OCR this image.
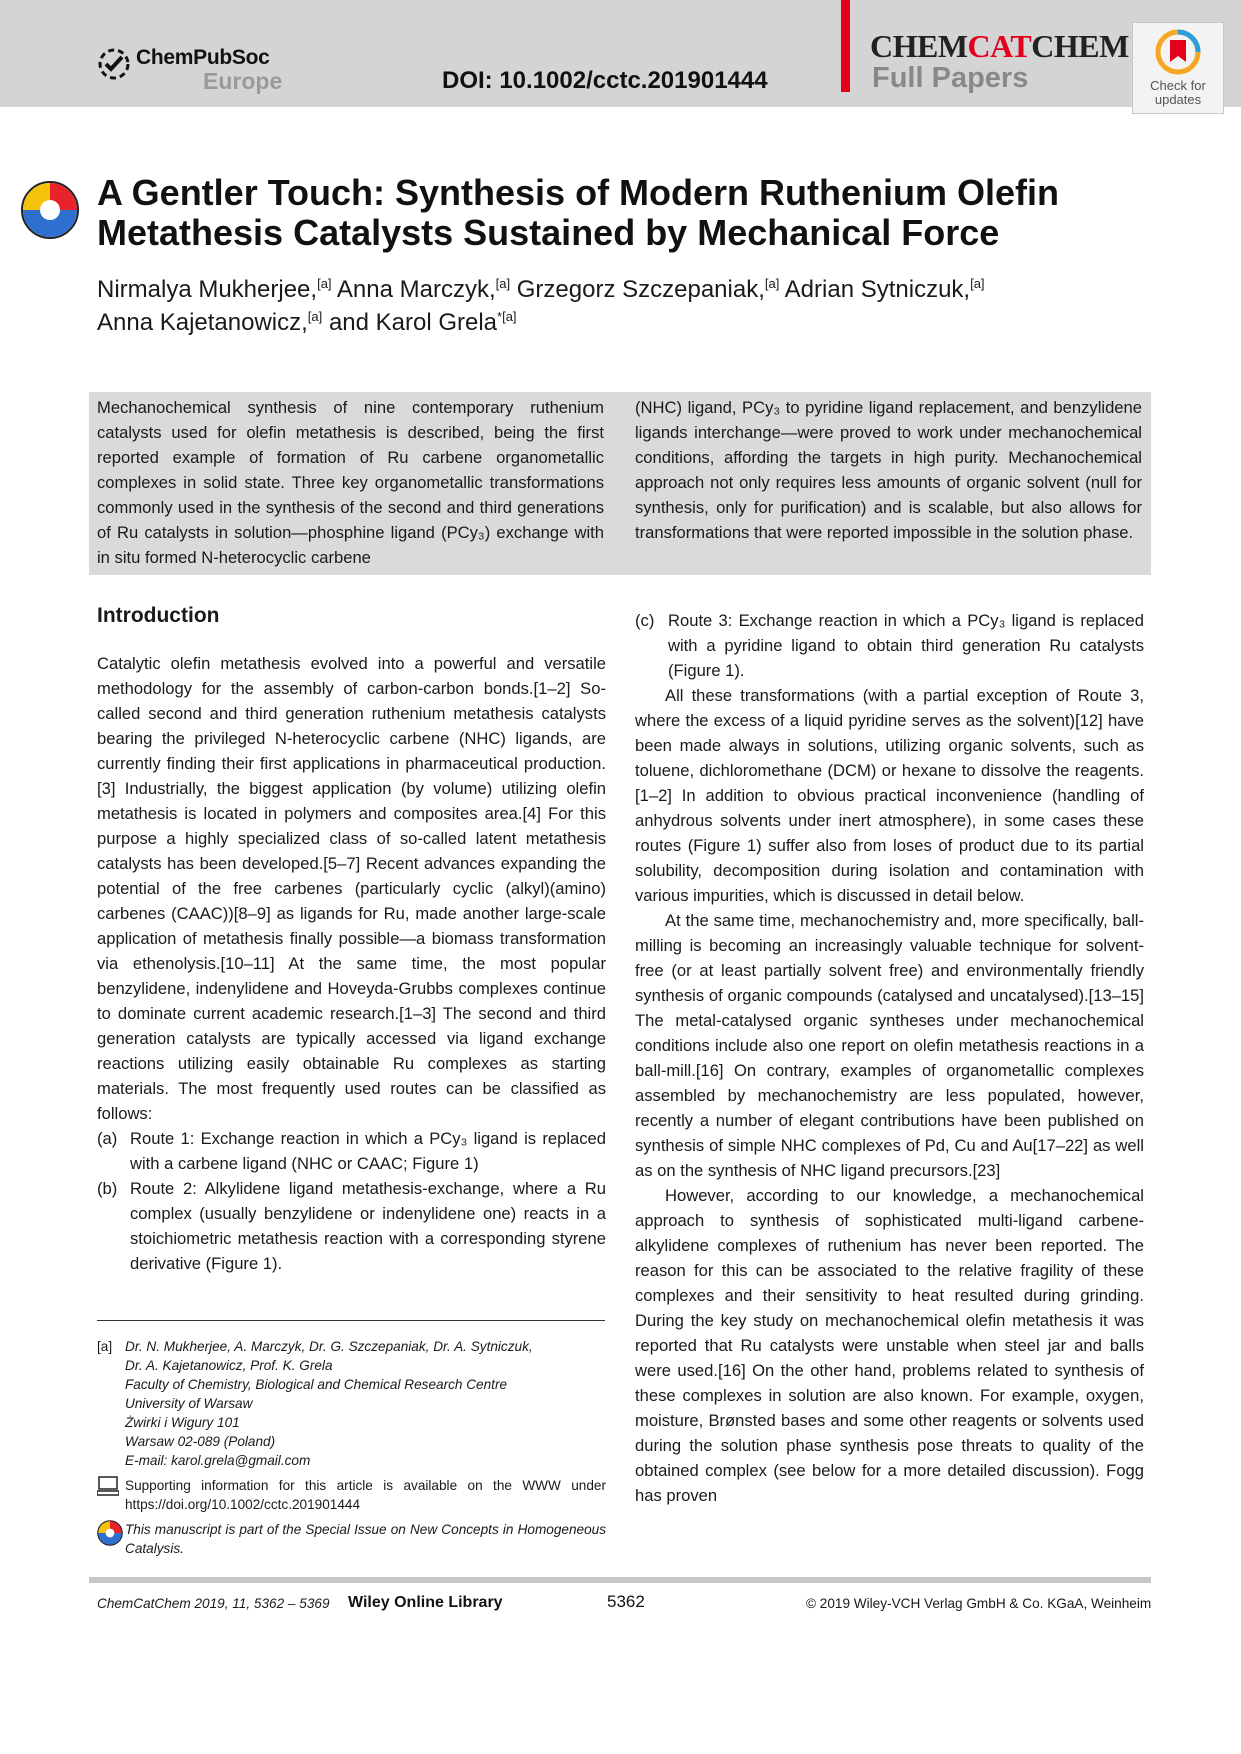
ChemPubSoc
Europe	DOI: 10.1002/cctc.201901444
CHEMCATCHEM
Full Papers	Check for updates
A Gentler Touch: Synthesis of Modern Ruthenium Olefin Metathesis Catalysts Sustained by Mechanical Force
Nirmalya Mukherjee,[a] Anna Marczyk,[a] Grzegorz Szczepaniak,[a] Adrian Sytniczuk,[a]
Anna Kajetanowicz,[a] and Karol Grela$^{*[a]}$
Mechanochemical synthesis of nine contemporary ruthenium catalysts used for olefin metathesis is described, being the first reported example of formation of Ru carbene organometallic complexes in solid state. Three key organometallic transformations commonly used in the synthesis of the second and third generations of Ru catalysts in solution—phosphine ligand (PCy₃) exchange with in situ formed N-heterocyclic carbene
(NHC) ligand, PCy₃ to pyridine ligand replacement, and benzylidene ligands interchange—were proved to work under mechanochemical conditions, affording the targets in high purity. Mechanochemical approach not only requires less amounts of organic solvent (null for synthesis, only for purification) and is scalable, but also allows for transformations that were reported impossible in the solution phase.
Introduction

Catalytic olefin metathesis evolved into a powerful and versatile methodology for the assembly of carbon-carbon bonds.[1–2] So-called second and third generation ruthenium metathesis catalysts bearing the privileged N-heterocyclic carbene (NHC) ligands, are currently finding their first applications in pharmaceutical production.[3] Industrially, the biggest application (by volume) utilizing olefin metathesis is located in polymers and composites area.[4] For this purpose a highly specialized class of so-called latent metathesis catalysts has been developed.[5–7] Recent advances expanding the potential of the free carbenes (particularly cyclic (alkyl)(amino) carbenes (CAAC))[8–9] as ligands for Ru, made another large-scale application of metathesis finally possible—a biomass transformation via ethenolysis.[10–11] At the same time, the most popular benzylidene, indenylidene and Hoveyda-Grubbs complexes continue to dominate current academic research.[1–3] The second and third generation catalysts are typically accessed via ligand exchange reactions utilizing easily obtainable Ru complexes as starting materials. The most frequently used routes can be classified as follows:

(a) Route 1: Exchange reaction in which a PCy₃ ligand is replaced with a carbene ligand (NHC or CAAC; Figure 1)
(b) Route 2: Alkylidene ligand metathesis-exchange, where a Ru complex (usually benzylidene or indenylidene one) reacts in a stoichiometric metathesis reaction with a corresponding styrene derivative (Figure 1).
[a] Dr. N. Mukherjee, A. Marczyk, Dr. G. Szczepaniak, Dr. A. Sytniczuk,
Dr. A. Kajetanowicz, Prof. K. Grela
Faculty of Chemistry, Biological and Chemical Research Centre
University of Warsaw
Żwirki i Wigury 101
Warsaw 02-089 (Poland)
E-mail: karol.grela@gmail.com
Supporting information for this article is available on the WWW under https://doi.org/10.1002/cctc.201901444
This manuscript is part of the Special Issue on New Concepts in Homogeneous Catalysis.
(c) Route 3: Exchange reaction in which a PCy₃ ligand is replaced with a pyridine ligand to obtain third generation Ru catalysts (Figure 1).

All these transformations (with a partial exception of Route 3, where the excess of a liquid pyridine serves as the solvent)[12] have been made always in solutions, utilizing organic solvents, such as toluene, dichloromethane (DCM) or hexane to dissolve the reagents.[1–2] In addition to obvious practical inconvenience (handling of anhydrous solvents under inert atmosphere), in some cases these routes (Figure 1) suffer also from loses of product due to its partial solubility, decomposition during isolation and contamination with various impurities, which is discussed in detail below.

At the same time, mechanochemistry and, more specifically, ball-milling is becoming an increasingly valuable technique for solvent-free (or at least partially solvent free) and environmentally friendly synthesis of organic compounds (catalysed and uncatalysed).[13–15] The metal-catalysed organic syntheses under mechanochemical conditions include also one report on olefin metathesis reactions in a ball-mill.[16] On contrary, examples of organometallic complexes assembled by mechanochemistry are less populated, however, recently a number of elegant contributions have been published on synthesis of simple NHC complexes of Pd, Cu and Au[17–22] as well as on the synthesis of NHC ligand precursors.[23]

However, according to our knowledge, a mechanochemical approach to synthesis of sophisticated multi-ligand carbene-alkylidene complexes of ruthenium has never been reported. The reason for this can be associated to the relative fragility of these complexes and their sensitivity to heat resulted during grinding. During the key study on mechanochemical olefin metathesis it was reported that Ru catalysts were unstable when steel jar and balls were used.[16] On the other hand, problems related to synthesis of these complexes in solution are also known. For example, oxygen, moisture, Brønsted bases and some other reagents or solvents used during the solution phase synthesis pose threats to quality of the obtained complex (see below for a more detailed discussion). Fogg has proven

ChemCatChem 2019, 11, 5362 – 5369 Wiley Online Library	5362	© 2019 Wiley-VCH Verlag GmbH & Co. KGaA, Weinheim
